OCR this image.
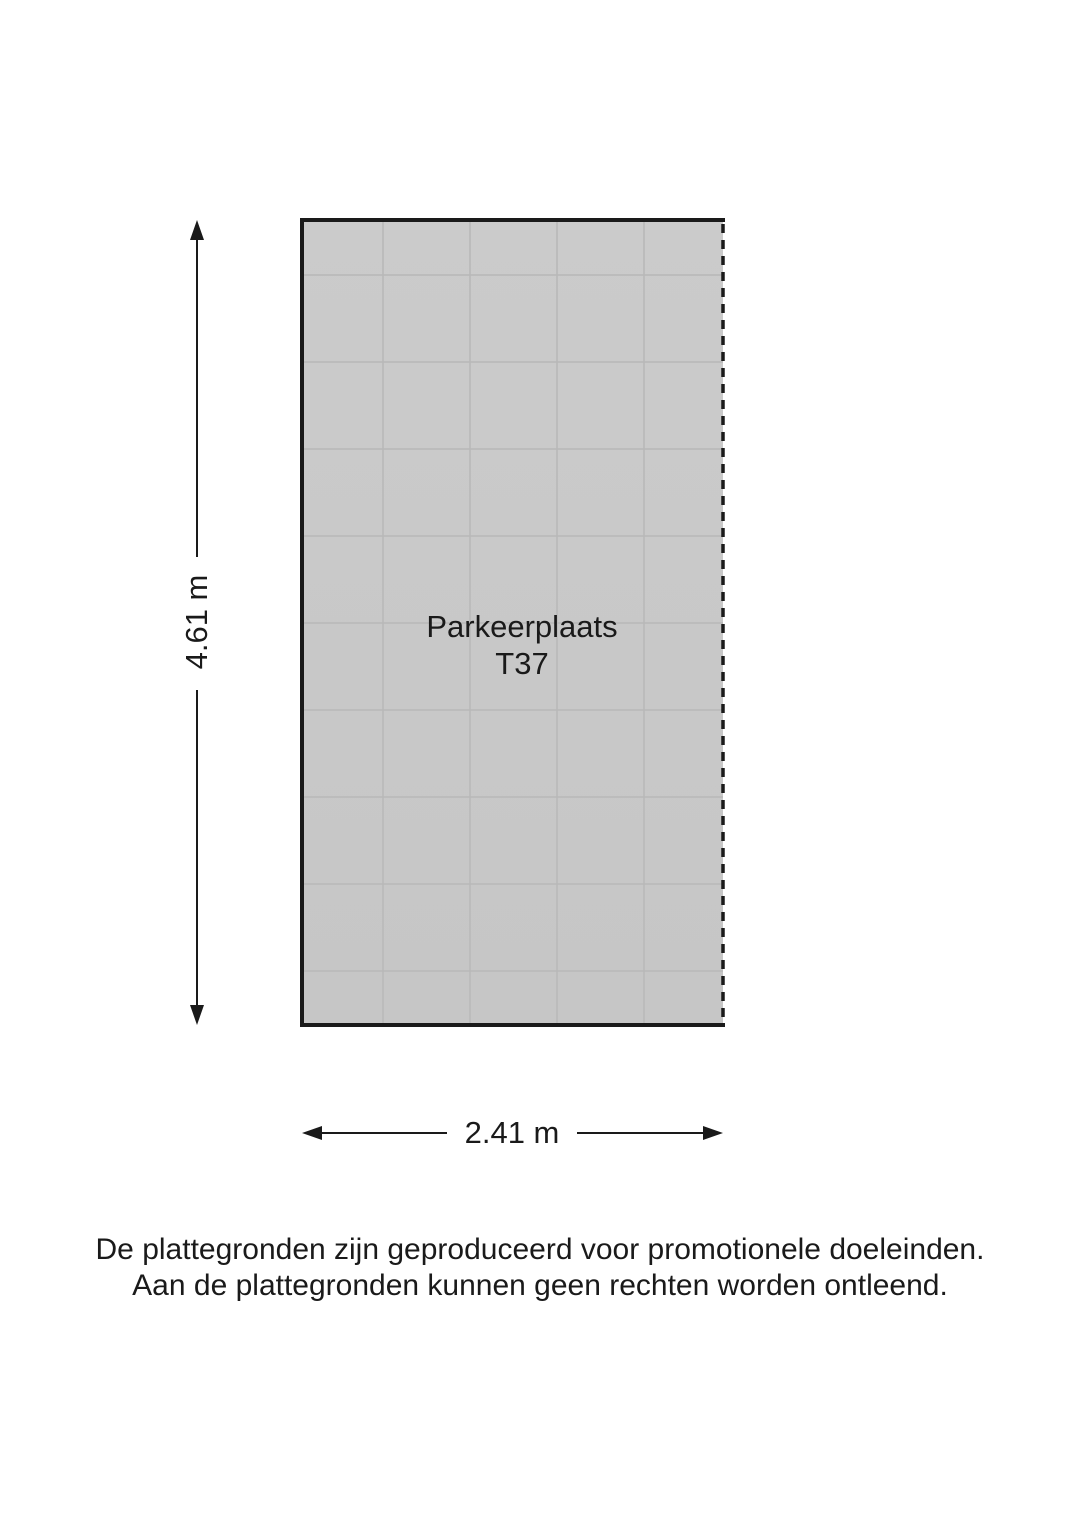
Parkeerplaats
T37
4.61 m
2.41 m
De plattegronden zijn geproduceerd voor promotionele doeleinden.
Aan de plattegronden kunnen geen rechten worden ontleend.
